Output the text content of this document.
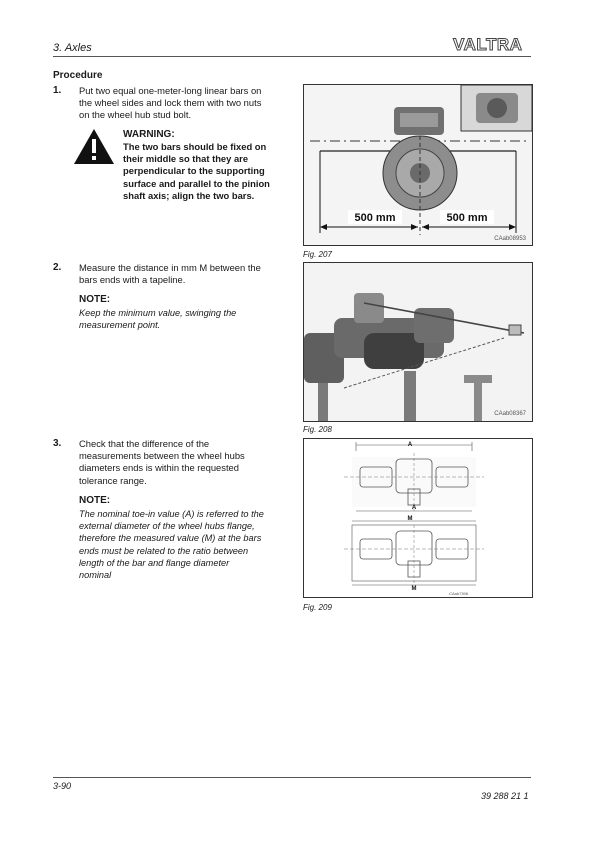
3. Axles	VALTRA
Procedure
1. Put two equal one-meter-long linear bars on
the wheel sides and lock them with two nuts
on the wheel hub stud bolt.
WARNING:
The two bars should be fixed on
their middle so that they are
perpendicular to the supporting
surface and parallel to the pinion
shaft axis; align the two bars.
500 mm	500 mm
CAab08953
Fig. 207
2. Measure the distance in mm M between the
bars ends with a tapeline.
NOTE:
Keep the minimum value, swinging the
measurement point.
CAab08367
Fig. 208
3. Check that the difference of the
measurements between the wheel hubs
diameters ends is within the requested
tolerance range.
NOTE:
The nominal toe-in value (A) is referred to the
external diameter of the wheel hubs flange,
therefore the measured value (M) at the bars
ends must be related to the ratio between
length of the bar and flange diameter
nominal
A
A
M
M
CAab7398
Fig. 209
3-90
39 288 21 1
